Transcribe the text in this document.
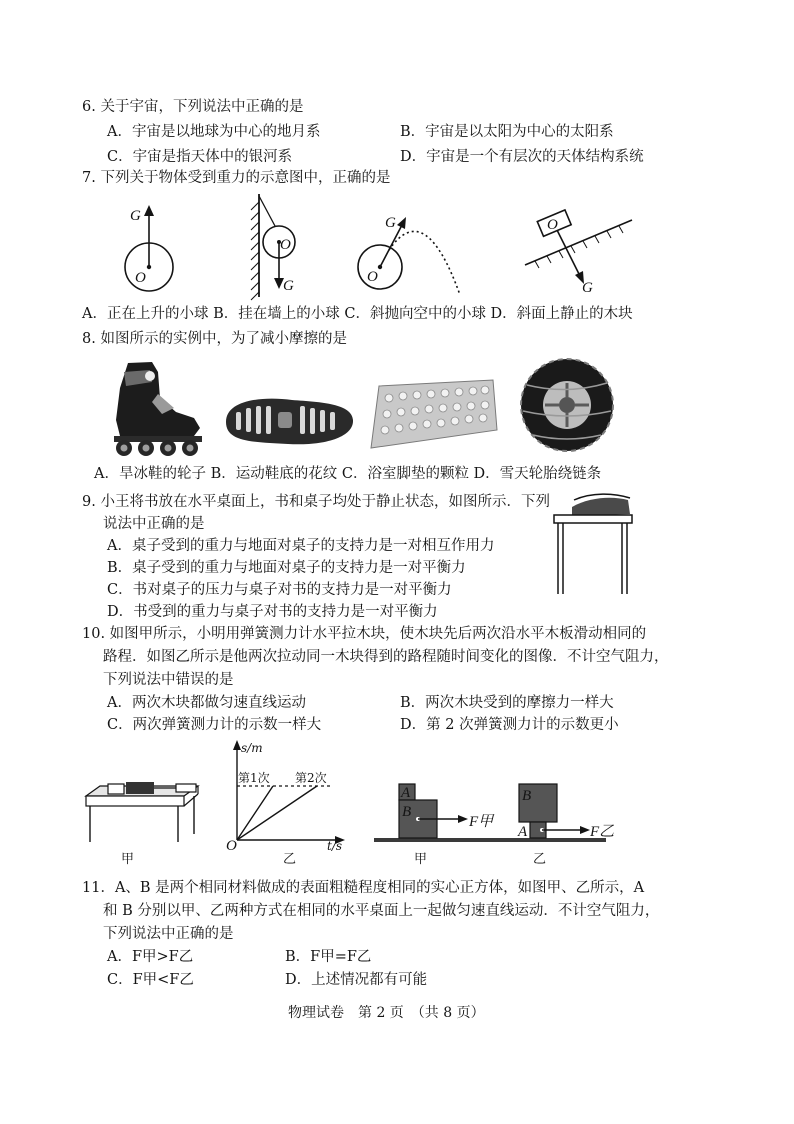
6. 关于宇宙，下列说法中正确的是
A．宇宙是以地球为中心的地月系	B．宇宙是以太阳为中心的太阳系
C．宇宙是指天体中的银河系	D．宇宙是一个有层次的天体结构系统
7. 下列关于物体受到重力的示意图中，正确的是
G
O
O
G
G
O
O
G
A．正在上升的小球 B．挂在墙上的小球 C．斜抛向空中的小球 D．斜面上静止的木块
8. 如图所示的实例中，为了减小摩擦的是
A．旱冰鞋的轮子 B．运动鞋底的花纹 C．浴室脚垫的颗粒 D．雪天轮胎绕链条
9. 小王将书放在水平桌面上，书和桌子均处于静止状态，如图所示．下列
说法中正确的是
A．桌子受到的重力与地面对桌子的支持力是一对相互作用力
B．桌子受到的重力与地面对桌子的支持力是一对平衡力
C．书对桌子的压力与桌子对书的支持力是一对平衡力
D．书受到的重力与桌子对书的支持力是一对平衡力
10. 如图甲所示，小明用弹簧测力计水平拉木块，使木块先后两次沿水平木板滑动相同的
路程．如图乙所示是他两次拉动同一木块得到的路程随时间变化的图像．不计空气阻力，
下列说法中错误的是
A．两次木块都做匀速直线运动	B．两次木块受到的摩擦力一样大
C．两次弹簧测力计的示数一样大	D．第 2 次弹簧测力计的示数更小
甲
s/m
t/s
O
第1次 第2次
乙
A
B
F甲
B
A	F乙
甲	乙
11．A、B 是两个相同材料做成的表面粗糙程度相同的实心正方体，如图甲、乙所示，A
和 B 分别以甲、乙两种方式在相同的水平桌面上一起做匀速直线运动．不计空气阻力，
下列说法中正确的是
A．F甲>F乙	B．F甲=F乙
C．F甲<F乙	D．上述情况都有可能
物理试卷　第 2 页　（共 8 页）
